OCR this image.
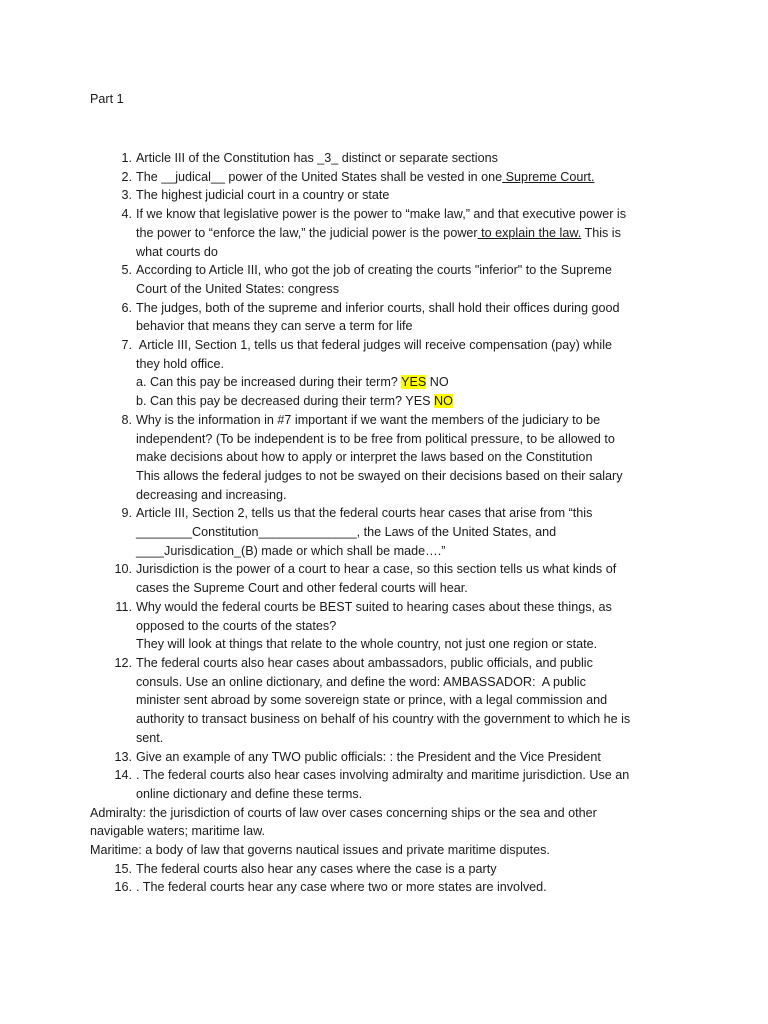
Part 1
1. Article III of the Constitution has _3_ distinct or separate sections
2. The __judical__ power of the United States shall be vested in one Supreme Court.
3. The highest judicial court in a country or state
4. If we know that legislative power is the power to “make law,” and that executive power is
the power to “enforce the law,” the judicial power is the power to explain the law. This is
what courts do
5. According to Article III, who got the job of creating the courts "inferior" to the Supreme
Court of the United States: congress
6. The judges, both of the supreme and inferior courts, shall hold their offices during good
behavior that means they can serve a term for life
7. Article III, Section 1, tells us that federal judges will receive compensation (pay) while
they hold office.
a. Can this pay be increased during their term? YES NO
b. Can this pay be decreased during their term? YES NO
8. Why is the information in #7 important if we want the members of the judiciary to be
independent? (To be independent is to be free from political pressure, to be allowed to
make decisions about how to apply or interpret the laws based on the Constitution
This allows the federal judges to not be swayed on their decisions based on their salary
decreasing and increasing.
9. Article III, Section 2, tells us that the federal courts hear cases that arise from “this
________Constitution______________, the Laws of the United States, and
____Jurisdication_(B) made or which shall be made….”
10. Jurisdiction is the power of a court to hear a case, so this section tells us what kinds of
cases the Supreme Court and other federal courts will hear.
11. Why would the federal courts be BEST suited to hearing cases about these things, as
opposed to the courts of the states?
They will look at things that relate to the whole country, not just one region or state.
12. The federal courts also hear cases about ambassadors, public officials, and public
consuls. Use an online dictionary, and define the word: AMBASSADOR:  A public
minister sent abroad by some sovereign state or prince, with a legal commission and
authority to transact business on behalf of his country with the government to which he is
sent.
13. Give an example of any TWO public officials: : the President and the Vice President
14. . The federal courts also hear cases involving admiralty and maritime jurisdiction. Use an
online dictionary and define these terms.
Admiralty: the jurisdiction of courts of law over cases concerning ships or the sea and other
navigable waters; maritime law.
Maritime: a body of law that governs nautical issues and private maritime disputes.
15. The federal courts also hear any cases where the case is a party
16. . The federal courts hear any case where two or more states are involved.
